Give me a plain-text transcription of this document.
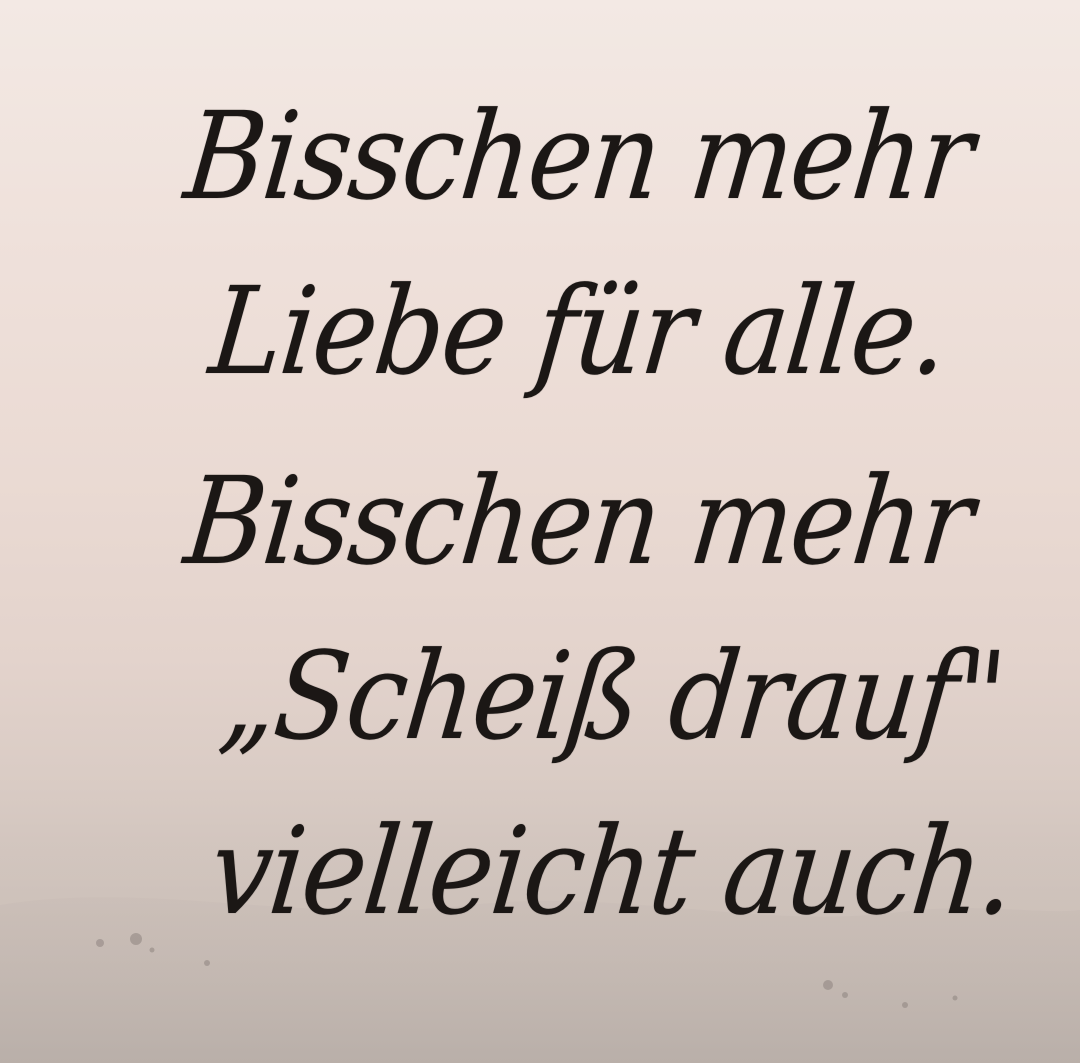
Bisschen mehr
Liebe für alle.
Bisschen mehr
„Scheiß drauf"
vielleicht auch.
